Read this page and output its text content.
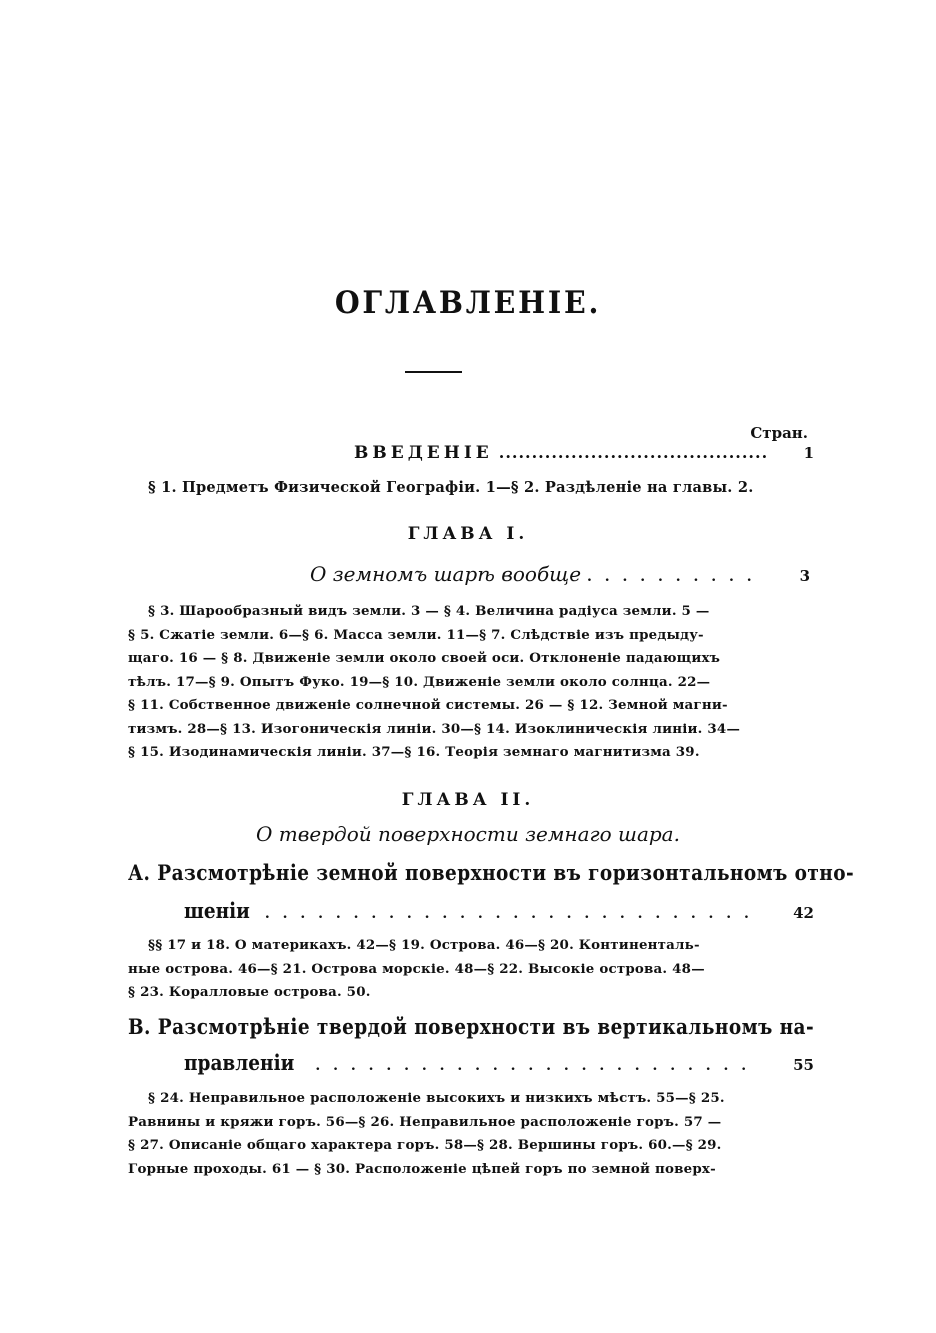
ОГЛАВЛЕНІЕ.
Стран.
ВВЕДЕНІЕ .....	1
§ 1. Предметъ Физической Географіи. 1—§ 2. Раздѣленіе на главы. 2.
ГЛАВА I.
О земномъ шарѣ вообще . . .	3
§ 3. Шарообразный видъ земли. 3 — § 4. Величина радіуса земли. 5 —
§ 5. Сжатіе земли. 6—§ 6. Масса земли. 11—§ 7. Слѣдствіе изъ предыду-
щаго. 16 — § 8. Движеніе земли около своей оси. Отклоненіе падающихъ
тѣлъ. 17—§ 9. Опытъ Фуко. 19—§ 10. Движеніе земли около солнца. 22—
§ 11. Собственное движеніе солнечной системы. 26 — § 12. Земной магни-
тизмъ. 28—§ 13. Изогоническія линіи. 30—§ 14. Изоклиническія линіи. 34—
§ 15. Изодинамическія линіи. 37—§ 16. Теорія земнаго магнитизма 39.
ГЛАВА II.
О твердой поверхности земнаго шара.
А. Разсмотрѣніе земной поверхности въ горизонтальномъ отно-
шеніи . . .	42
§§ 17 и 18. О материкахъ. 42—§ 19. Острова. 46—§ 20. Континенталь-
ные острова. 46—§ 21. Острова морскіе. 48—§ 22. Высокіе острова. 48—
§ 23. Коралловые острова. 50.
В. Разсмотрѣніе твердой поверхности въ вертикальномъ на-
правленіи . . .	55
§ 24. Неправильное расположеніе высокихъ и низкихъ мѣстъ. 55—§ 25.
Равнины и кряжи горъ. 56—§ 26. Неправильное расположеніе горъ. 57 —
§ 27. Описаніе общаго характера горъ. 58—§ 28. Вершины горъ. 60.—§ 29.
Горные проходы. 61 — § 30. Расположеніе цѣпей горъ по земной поверх-
